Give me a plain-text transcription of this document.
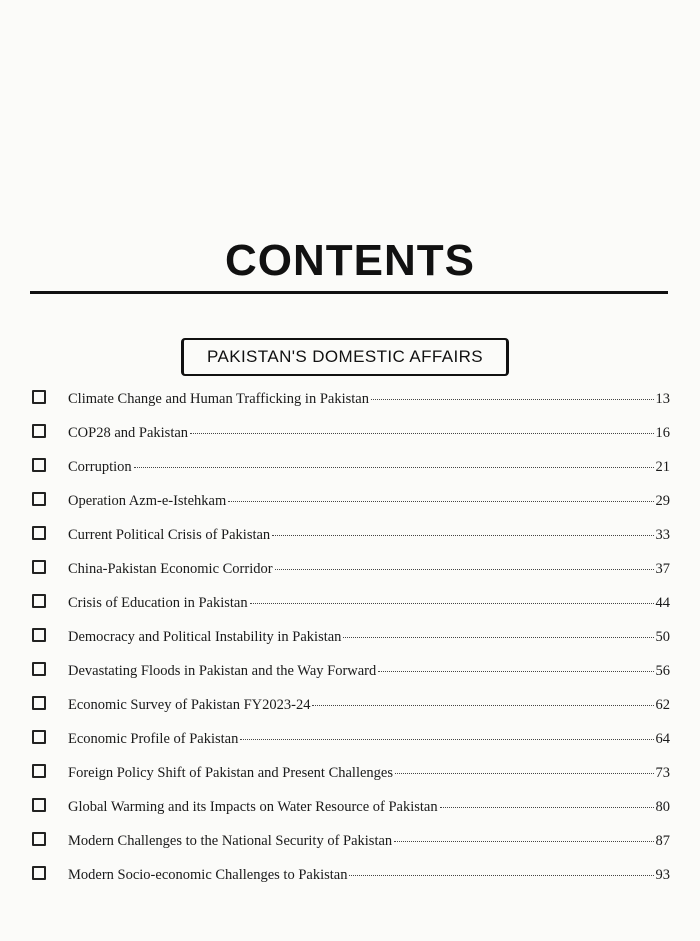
CONTENTS
PAKISTAN'S DOMESTIC AFFAIRS
Climate Change and Human Trafficking in Pakistan	13
COP28 and Pakistan	16
Corruption	21
Operation Azm-e-Istehkam	29
Current Political Crisis of Pakistan	33
China-Pakistan Economic Corridor	37
Crisis of Education in Pakistan	44
Democracy and Political Instability in Pakistan	50
Devastating Floods in Pakistan and the Way Forward	56
Economic Survey of Pakistan FY2023-24	62
Economic Profile of Pakistan	64
Foreign Policy Shift of Pakistan and Present Challenges	73
Global Warming and its Impacts on Water Resource of Pakistan	80
Modern Challenges to the National Security of Pakistan	87
Modern Socio-economic Challenges to Pakistan	93
